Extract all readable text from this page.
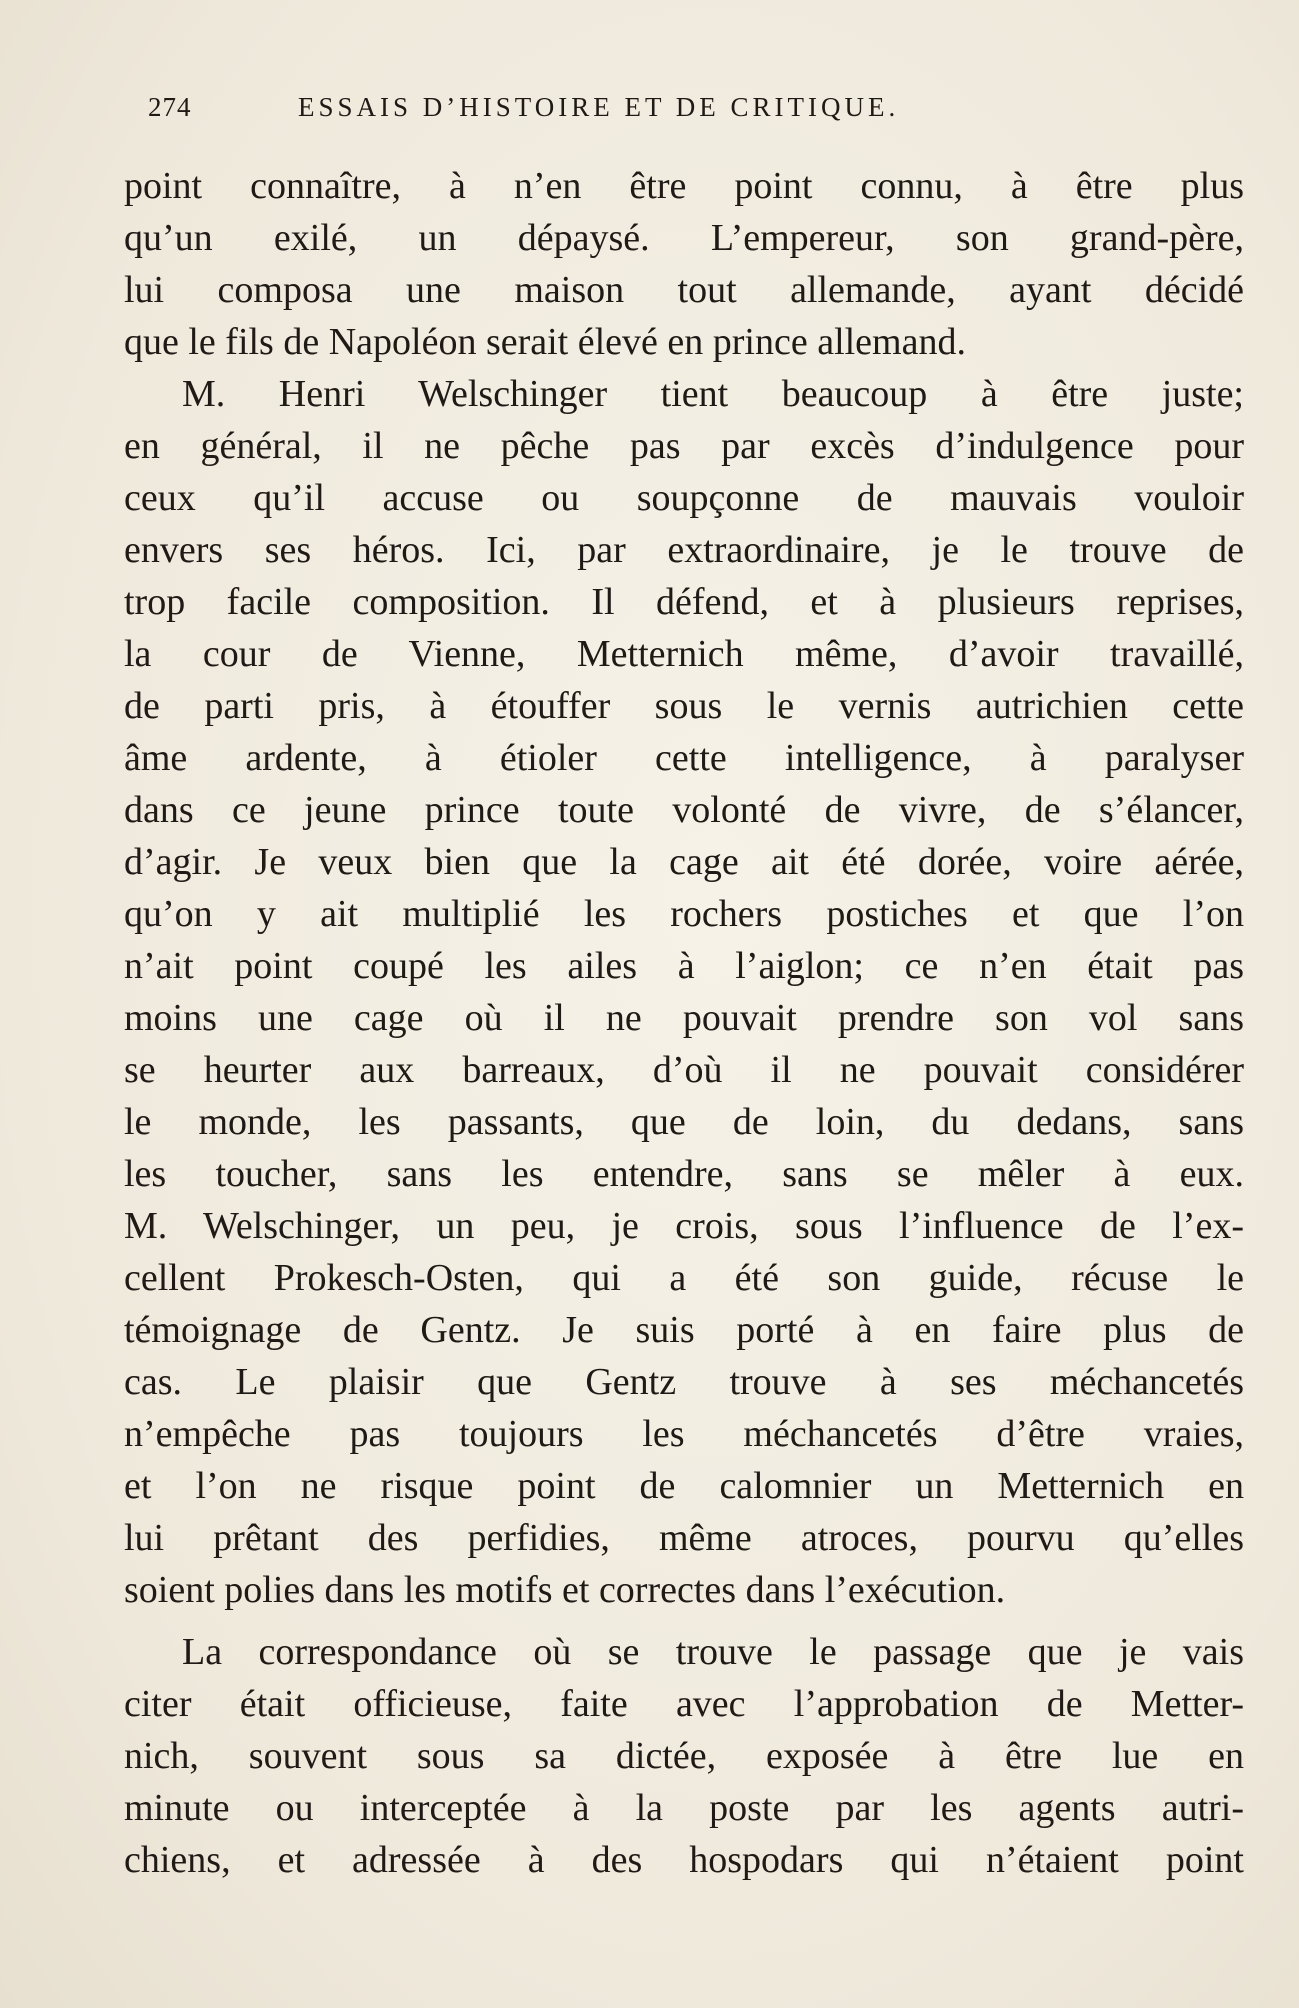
274	ESSAIS D’HISTOIRE ET DE CRITIQUE.
point connaître, à n’en être point connu, à être plus
qu’un exilé, un dépaysé. L’empereur, son grand-père,
lui composa une maison tout allemande, ayant décidé
que le fils de Napoléon serait élevé en prince allemand.
M. Henri Welschinger tient beaucoup à être juste;
en général, il ne pêche pas par excès d’indulgence pour
ceux qu’il accuse ou soupçonne de mauvais vouloir
envers ses héros. Ici, par extraordinaire, je le trouve de
trop facile composition. Il défend, et à plusieurs reprises,
la cour de Vienne, Metternich même, d’avoir travaillé,
de parti pris, à étouffer sous le vernis autrichien cette
âme ardente, à étioler cette intelligence, à paralyser
dans ce jeune prince toute volonté de vivre, de s’élancer,
d’agir. Je veux bien que la cage ait été dorée, voire aérée,
qu’on y ait multiplié les rochers postiches et que l’on
n’ait point coupé les ailes à l’aiglon; ce n’en était pas
moins une cage où il ne pouvait prendre son vol sans
se heurter aux barreaux, d’où il ne pouvait considérer
le monde, les passants, que de loin, du dedans, sans
les toucher, sans les entendre, sans se mêler à eux.
M. Welschinger, un peu, je crois, sous l’influence de l’ex-
cellent Prokesch-Osten, qui a été son guide, récuse le
témoignage de Gentz. Je suis porté à en faire plus de
cas. Le plaisir que Gentz trouve à ses méchancetés
n’empêche pas toujours les méchancetés d’être vraies,
et l’on ne risque point de calomnier un Metternich en
lui prêtant des perfidies, même atroces, pourvu qu’elles
soient polies dans les motifs et correctes dans l’exécution.
La correspondance où se trouve le passage que je vais
citer était officieuse, faite avec l’approbation de Metter-
nich, souvent sous sa dictée, exposée à être lue en
minute ou interceptée à la poste par les agents autri-
chiens, et adressée à des hospodars qui n’étaient point
